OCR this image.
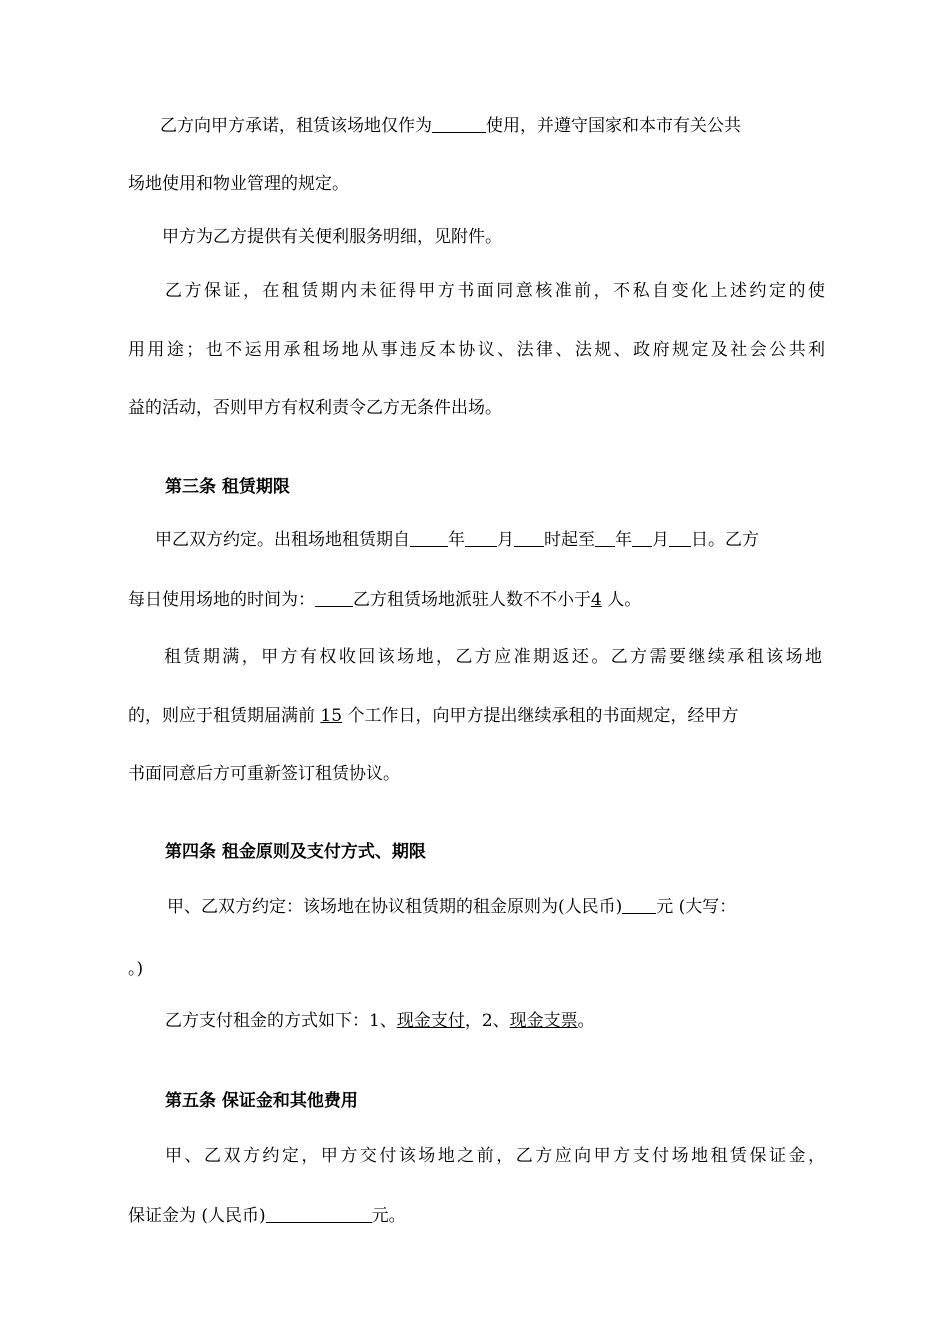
乙方向甲方承诺，租赁该场地仅作为	使用，并遵守国家和本市有关公共
场地使用和物业管理的规定。
甲方为乙方提供有关便利服务明细，见附件。
乙方保证，在租赁期内未征得甲方书面同意核准前，不私自变化上述约定的使
用用途；也不运用承租场地从事违反本协议、法律、法规、政府规定及社会公共利
益的活动，否则甲方有权利责令乙方无条件出场。
第三条 租赁期限
甲乙双方约定。出租场地租赁期自 年 月 时起至 年 月 日。乙方
每日使用场地的时间为： 乙方租赁场地派驻人数不不小于4 人。
租赁期满，甲方有权收回该场地，乙方应准期返还。乙方需要继续承租该场地
的，则应于租赁期届满前 15 个工作日，向甲方提出继续承租的书面规定，经甲方
书面同意后方可重新签订租赁协议。
第四条 租金原则及支付方式、期限
甲、乙双方约定：该场地在协议租赁期的租金原则为(人民币) 元 (大写：
。)
乙方支付租金的方式如下：1、现金支付，2、现金支票。
第五条 保证金和其他费用
甲、乙双方约定，甲方交付该场地之前，乙方应向甲方支付场地租赁保证金，
保证金为 (人民币)	元。
